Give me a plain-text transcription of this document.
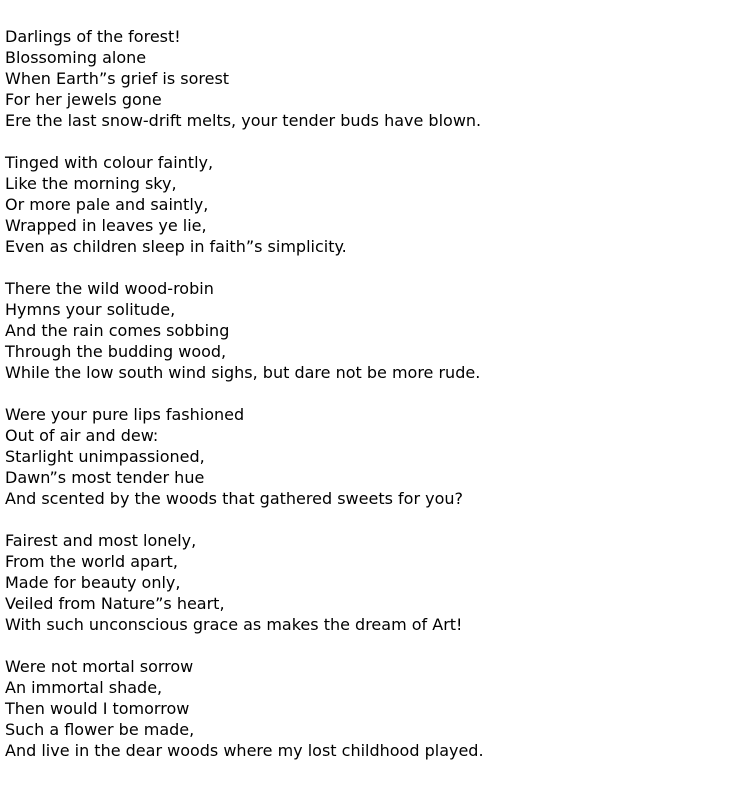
Darlings of the forest!
Blossoming alone
When Earth”s grief is sorest
For her jewels gone
Ere the last snow-drift melts, your tender buds have blown.
Tinged with colour faintly,
Like the morning sky,
Or more pale and saintly,
Wrapped in leaves ye lie,
Even as children sleep in faith”s simplicity.
There the wild wood-robin
Hymns your solitude,
And the rain comes sobbing
Through the budding wood,
While the low south wind sighs, but dare not be more rude.
Were your pure lips fashioned
Out of air and dew:
Starlight unimpassioned,
Dawn”s most tender hue
And scented by the woods that gathered sweets for you?
Fairest and most lonely,
From the world apart,
Made for beauty only,
Veiled from Nature”s heart,
With such unconscious grace as makes the dream of Art!
Were not mortal sorrow
An immortal shade,
Then would I tomorrow
Such a flower be made,
And live in the dear woods where my lost childhood played.
